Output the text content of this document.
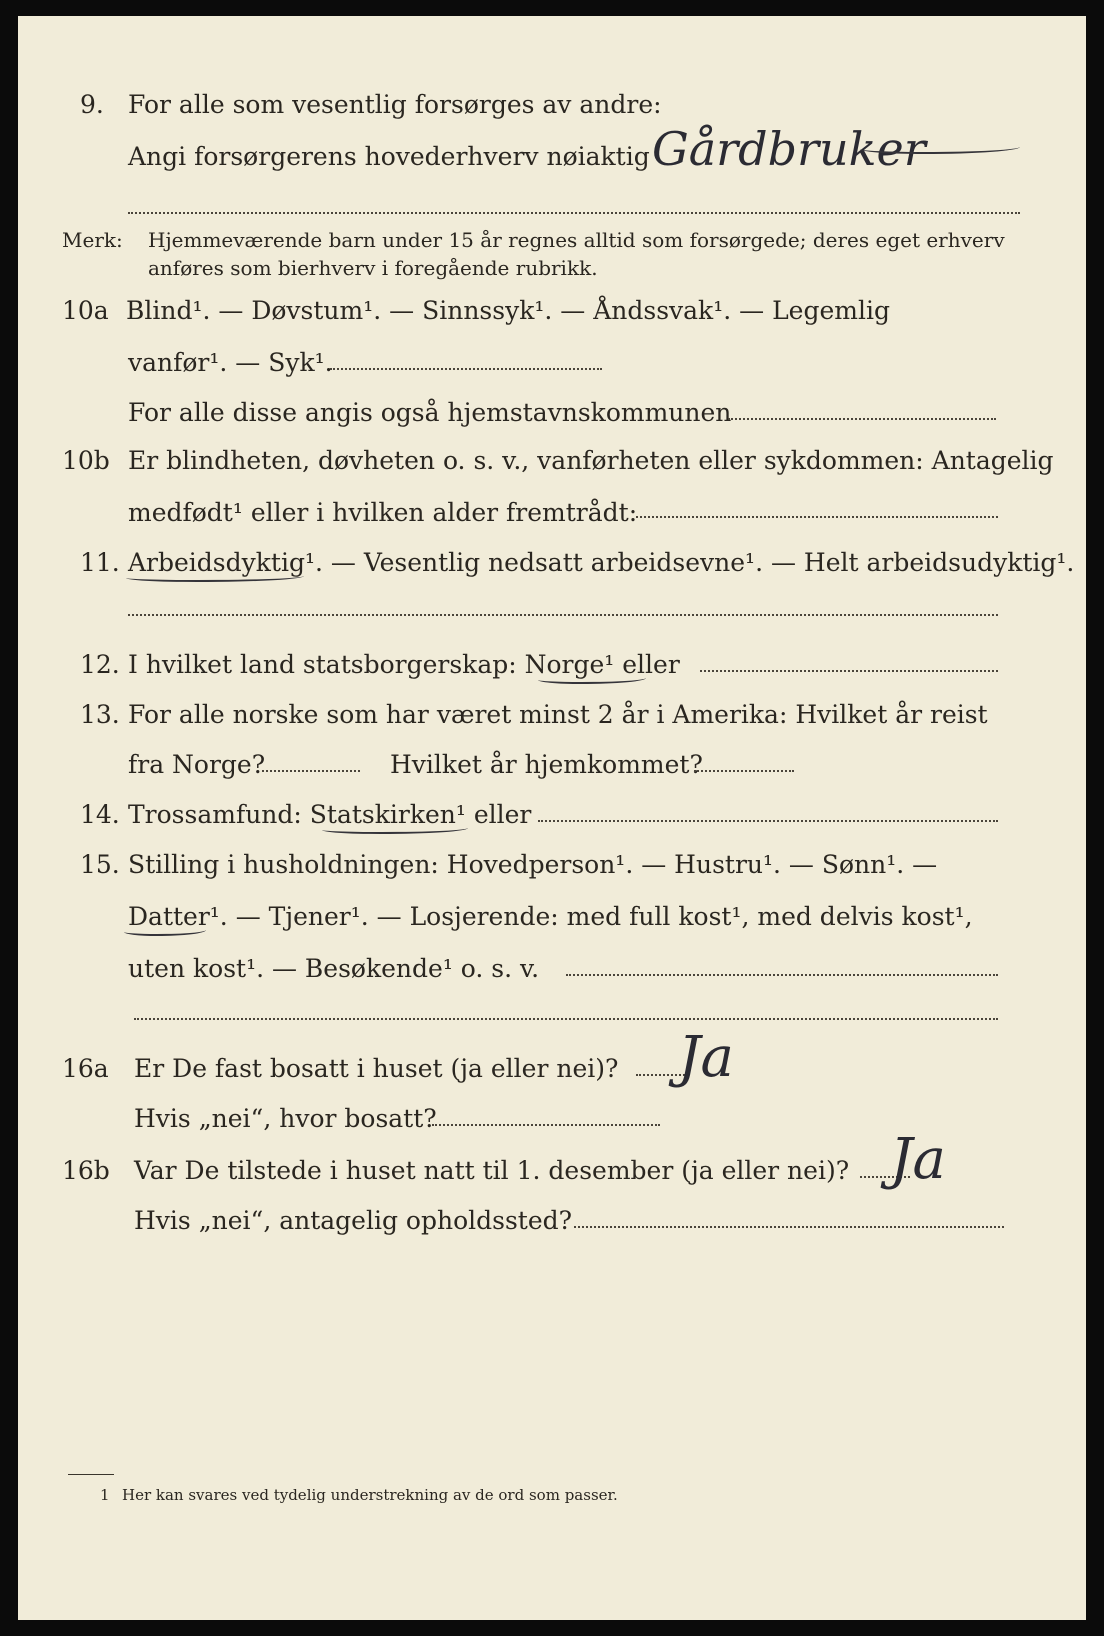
9. For alle som vesentlig forsørges av andre:
Angi forsørgerens hovederhverv nøiaktig Gårdbruker
Merk: Hjemmeværende barn under 15 år regnes alltid som forsørgede; deres eget erhverv
anføres som bierhverv i foregående rubrikk.
10a Blind¹. — Døvstum¹. — Sinnssyk¹. — Åndssvak¹. — Legemlig
vanfør¹. — Syk¹.
For alle disse angis også hjemstavnskommunen
10b Er blindheten, døvheten o. s. v., vanførheten eller sykdommen: Antagelig
medfødt¹ eller i hvilken alder fremtrådt:
11. Arbeidsdyktig¹. — Vesentlig nedsatt arbeidsevne¹. — Helt arbeidsudyktig¹.
12. I hvilket land statsborgerskap: Norge¹ eller
13. For alle norske som har været minst 2 år i Amerika: Hvilket år reist
fra Norge?	Hvilket år hjemkommet?
14. Trossamfund: Statskirken¹ eller
15. Stilling i husholdningen: Hovedperson¹. — Hustru¹. — Sønn¹. —
Datter¹. — Tjener¹. — Losjerende: med full kost¹, med delvis kost¹,
uten kost¹. — Besøkende¹ o. s. v.
16a Er De fast bosatt i huset (ja eller nei)? Ja
Hvis „nei“, hvor bosatt?
16b Var De tilstede i huset natt til 1. desember (ja eller nei)? Ja
Hvis „nei“, antagelig opholdssted?
1 Her kan svares ved tydelig understrekning av de ord som passer.
